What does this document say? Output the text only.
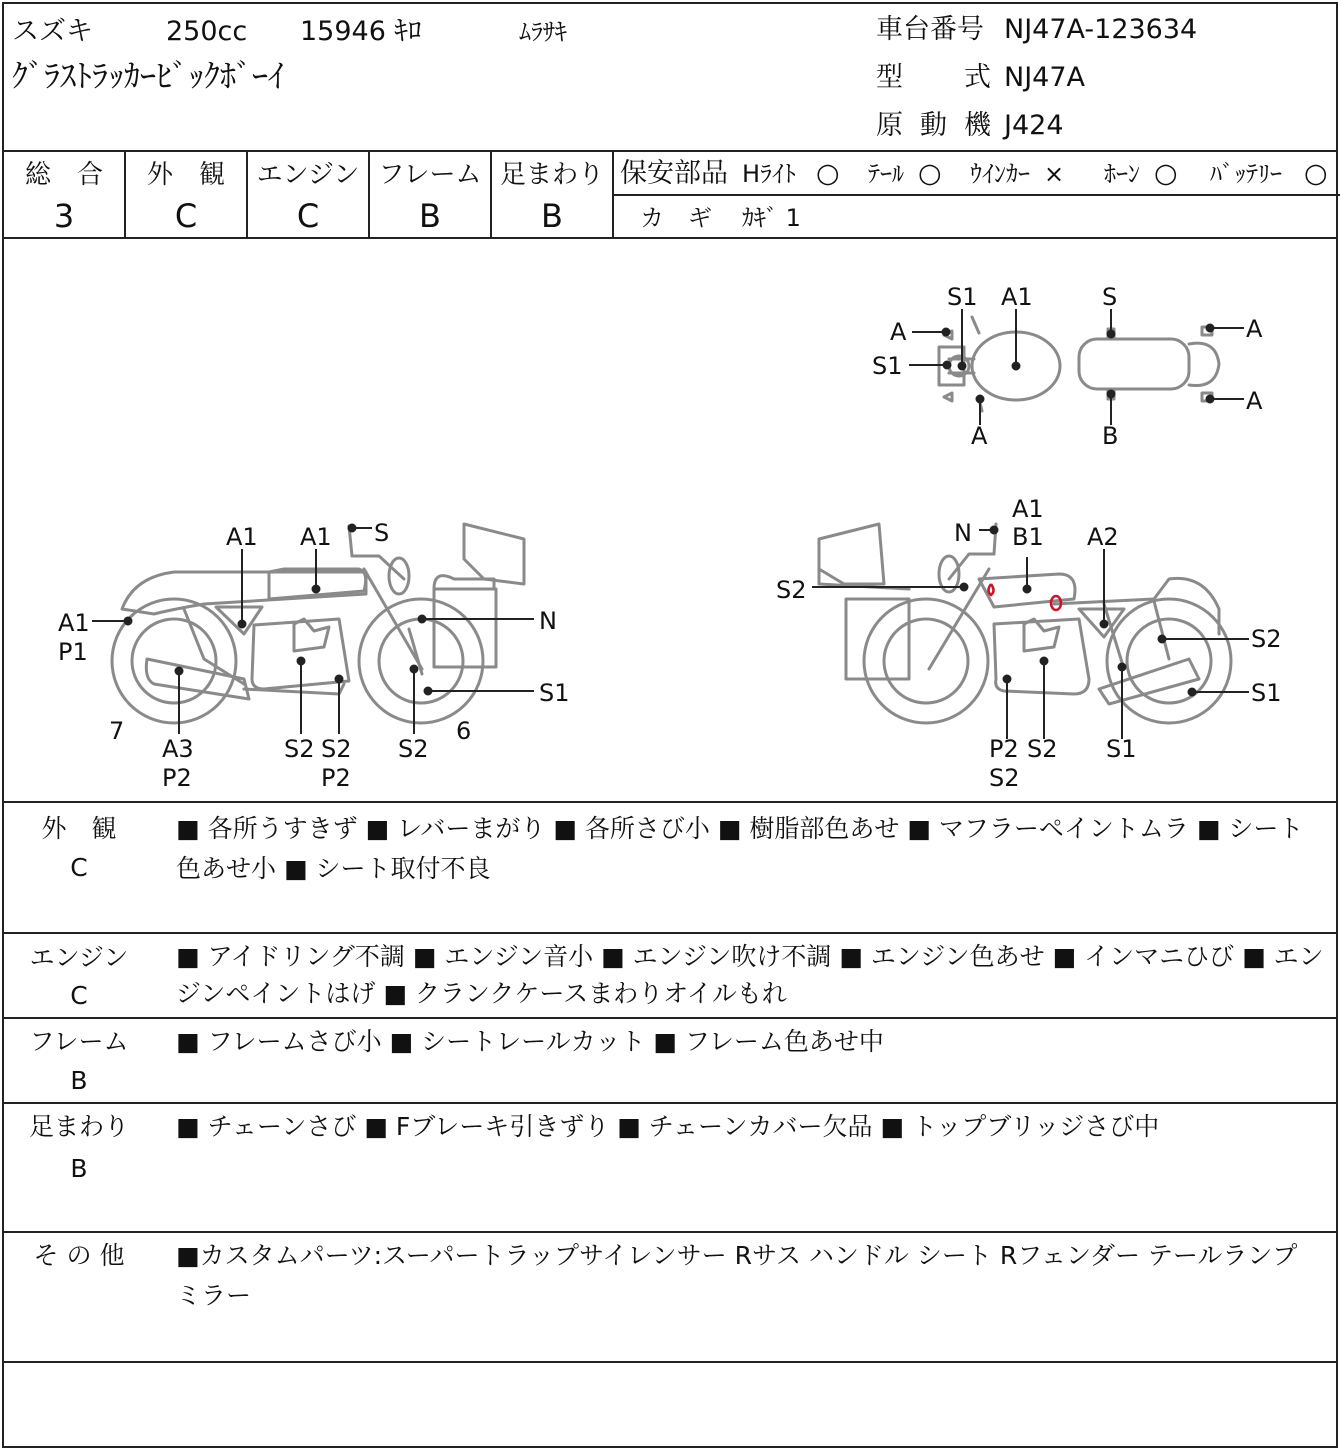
スズキ	250cc 15946 ｷﾛ	ﾑﾗｻｷ
ｸﾞﾗｽﾄﾗｯｶｰﾋﾞｯｸﾎﾞｰｲ
車台番号 NJ47A-123634
型 式 NJ47A
原 動 機 J424
総　合
3
外　観
C
エンジン
C
フレーム
B
足まわり
B
保安部品 Hﾗｲﾄ ○ ﾃｰﾙ ○ ｳｲﾝｶｰ × ﾎｰﾝ ○ ﾊﾞｯﾃﾘｰ ○
カ　ギ ｶｷﾞ 1
S1 A1	S
A
S1
A
A
A	B
A1 A1 S
A1
P1
N
S1
7
A3
P2
S2 S2
P2
S2
6
A1
B1
N	A2
S2
S2
S1
P2
S2
S2 S1
外　観
C
■ 各所うすきず ■ レバーまがり ■ 各所さび小 ■ 樹脂部色あせ ■ マフラーペイントムラ ■ シート色あせ小 ■ シート取付不良
エンジン
C
■ アイドリング不調 ■ エンジン音小 ■ エンジン吹け不調 ■ エンジン色あせ ■ インマニひび ■ エンジンペイントはげ ■ クランクケースまわりオイルもれ
フレーム
B
■ フレームさび小 ■ シートレールカット ■ フレーム色あせ中
足まわり
B
■ チェーンさび ■ Fブレーキ引きずり ■ チェーンカバー欠品 ■ トップブリッジさび中
そ の 他	■カスタムパーツ:スーパートラップサイレンサー Rサス ハンドル シート Rフェンダー テールランプ ミラー
